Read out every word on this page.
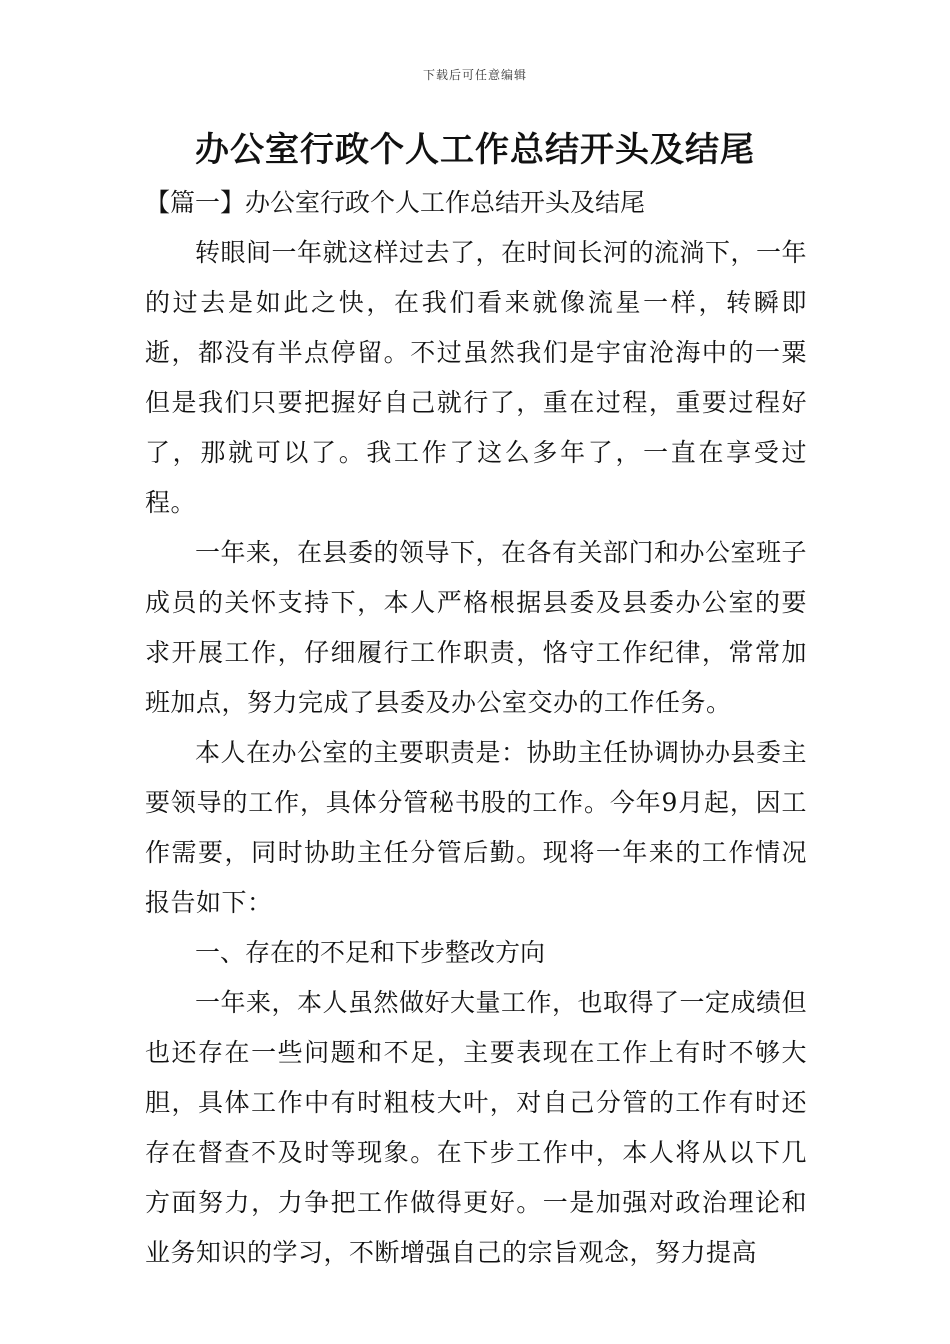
下载后可任意编辑
办公室行政个人工作总结开头及结尾

【篇一】办公室行政个人工作总结开头及结尾

转眼间一年就这样过去了，在时间长河的流淌下，一年的过去是如此之快，在我们看来就像流星一样，转瞬即逝，都没有半点停留。不过虽然我们是宇宙沧海中的一粟但是我们只要把握好自己就行了，重在过程，重要过程好了，那就可以了。我工作了这么多年了，一直在享受过程。

一年来，在县委的领导下，在各有关部门和办公室班子成员的关怀支持下，本人严格根据县委及县委办公室的要求开展工作，仔细履行工作职责，恪守工作纪律，常常加班加点，努力完成了县委及办公室交办的工作任务。

本人在办公室的主要职责是：协助主任协调协办县委主要领导的工作，具体分管秘书股的工作。今年9月起，因工作需要，同时协助主任分管后勤。现将一年来的工作情况报告如下：

一、存在的不足和下步整改方向

一年来，本人虽然做好大量工作，也取得了一定成绩但也还存在一些问题和不足，主要表现在工作上有时不够大胆，具体工作中有时粗枝大叶，对自己分管的工作有时还存在督查不及时等现象。在下步工作中，本人将从以下几方面努力，力争把工作做得更好。一是加强对政治理论和业务知识的学习，不断增强自己的宗旨观念，努力提高
